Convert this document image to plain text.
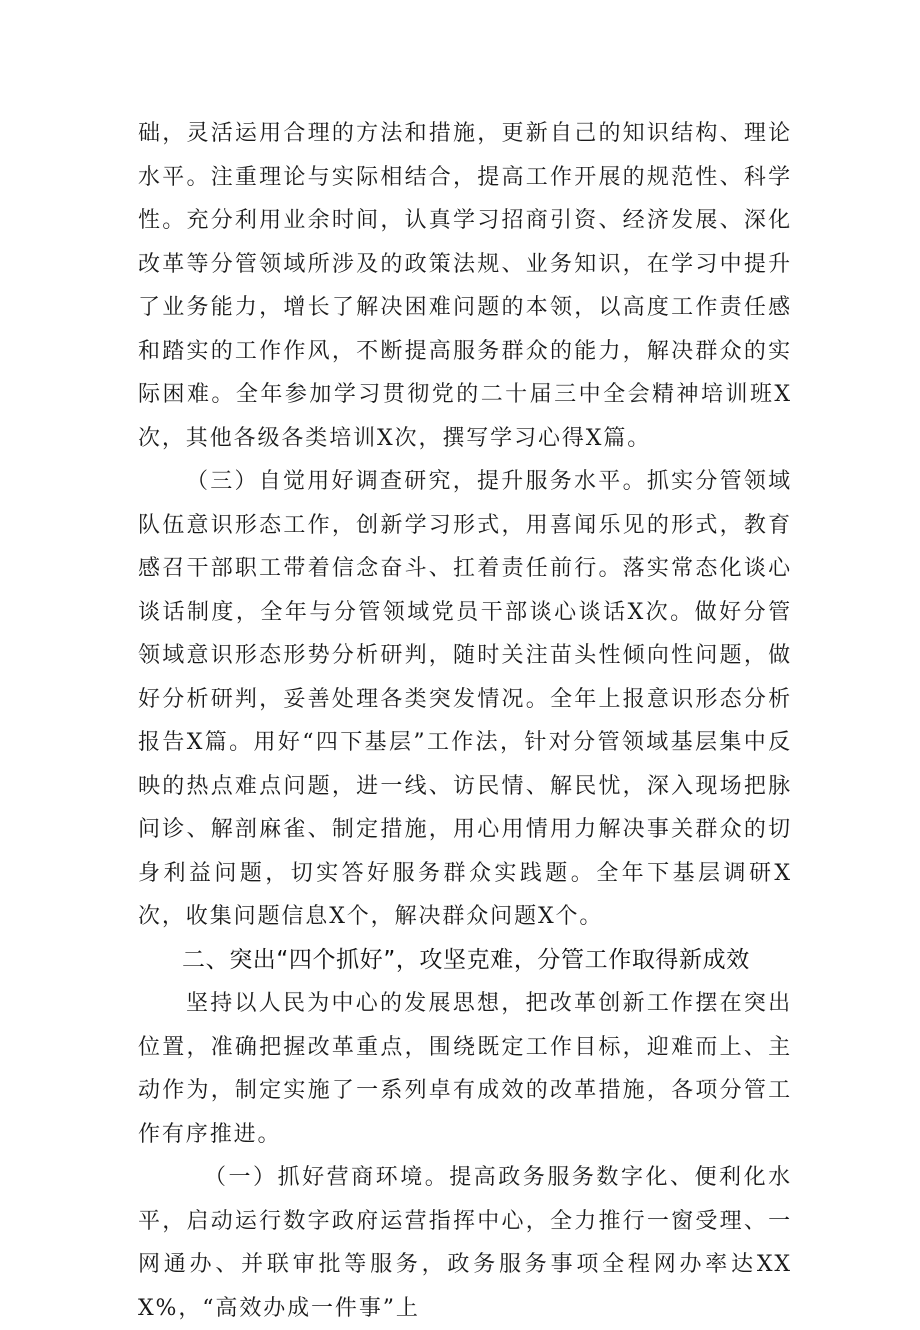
础，灵活运用合理的方法和措施，更新自己的知识结构、理论水平。注重理论与实际相结合，提高工作开展的规范性、科学性。充分利用业余时间，认真学习招商引资、经济发展、深化改革等分管领域所涉及的政策法规、业务知识，在学习中提升了业务能力，增长了解决困难问题的本领，以高度工作责任感和踏实的工作作风，不断提高服务群众的能力，解决群众的实际困难。全年参加学习贯彻党的二十届三中全会精神培训班X次，其他各级各类培训X次，撰写学习心得X篇。

（三）自觉用好调查研究，提升服务水平。抓实分管领域队伍意识形态工作，创新学习形式，用喜闻乐见的形式，教育感召干部职工带着信念奋斗、扛着责任前行。落实常态化谈心谈话制度，全年与分管领域党员干部谈心谈话X次。做好分管领域意识形态形势分析研判，随时关注苗头性倾向性问题，做好分析研判，妥善处理各类突发情况。全年上报意识形态分析报告X篇。用好“四下基层”工作法，针对分管领域基层集中反映的热点难点问题，进一线、访民情、解民忧，深入现场把脉问诊、解剖麻雀、制定措施，用心用情用力解决事关群众的切身利益问题，切实答好服务群众实践题。全年下基层调研X次，收集问题信息X个，解决群众问题X个。

二、突出“四个抓好”，攻坚克难，分管工作取得新成效

坚持以人民为中心的发展思想，把改革创新工作摆在突出位置，准确把握改革重点，围绕既定工作目标，迎难而上、主动作为，制定实施了一系列卓有成效的改革措施，各项分管工作有序推进。

（一）抓好营商环境。提高政务服务数字化、便利化水平，启动运行数字政府运营指挥中心，全力推行一窗受理、一网通办、并联审批等服务，政务服务事项全程网办率达XXX%，“高效办成一件事”上
